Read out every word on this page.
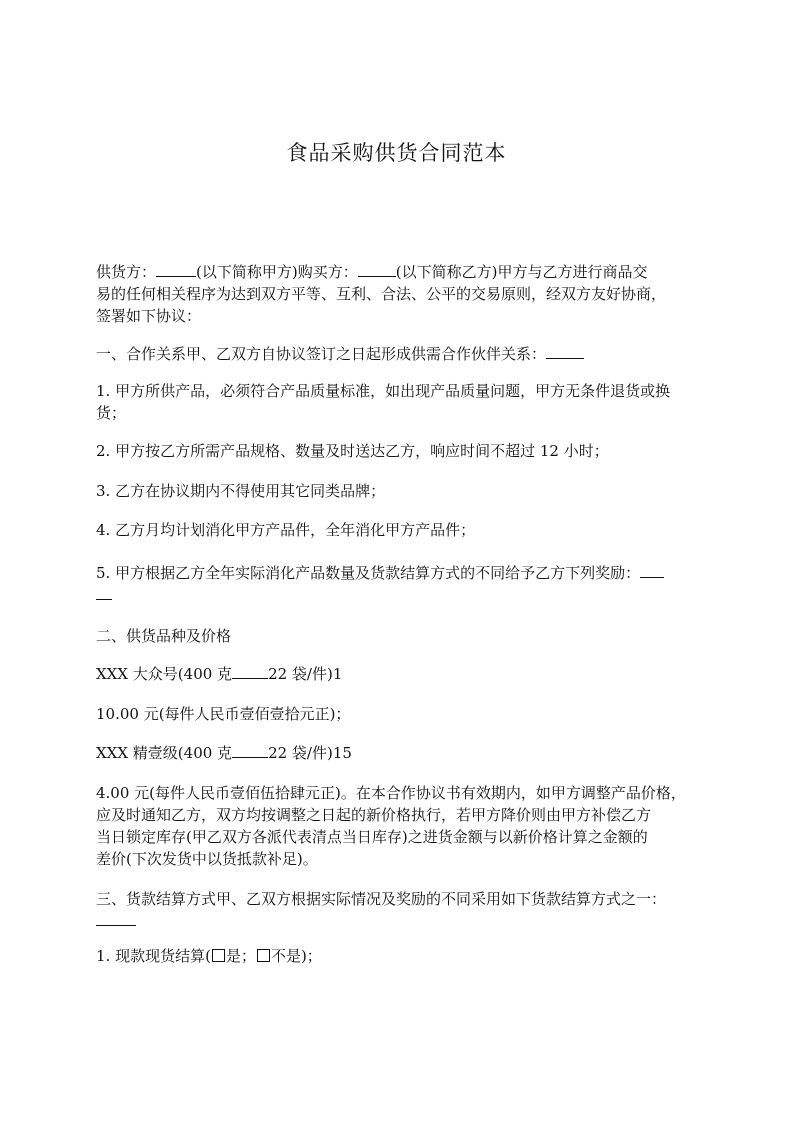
食品采购供货合同范本

供货方：	(以下简称甲方)购买方：	(以下简称乙方)甲方与乙方进行商品交

易的任何相关程序为达到双方平等、互利、合法、公平的交易原则，经双方友好协商，

签署如下协议：

一、合作关系甲、乙双方自协议签订之日起形成供需合作伙伴关系：

1. 甲方所供产品，必须符合产品质量标准，如出现产品质量问题，甲方无条件退货或换

货；

2. 甲方按乙方所需产品规格、数量及时送达乙方，响应时间不超过 12 小时；

3. 乙方在协议期内不得使用其它同类品牌；

4. 乙方月均计划消化甲方产品件，全年消化甲方产品件；

5. 甲方根据乙方全年实际消化产品数量及货款结算方式的不同给予乙方下列奖励：

二、供货品种及价格

XXX 大众号(400 克 22 袋/件)1

10.00 元(每件人民币壹佰壹拾元正)；

XXX 精壹级(400 克 22 袋/件)15

4.00 元(每件人民币壹佰伍拾肆元正)。在本合作协议书有效期内，如甲方调整产品价格，

应及时通知乙方，双方均按调整之日起的新价格执行，若甲方降价则由甲方补偿乙方

当日锁定库存(甲乙双方各派代表清点当日库存)之进货金额与以新价格计算之金额的

差价(下次发货中以货抵款补足)。

三、货款结算方式甲、乙双方根据实际情况及奖励的不同采用如下货款结算方式之一：

1. 现款现货结算( 是； 不是)；
